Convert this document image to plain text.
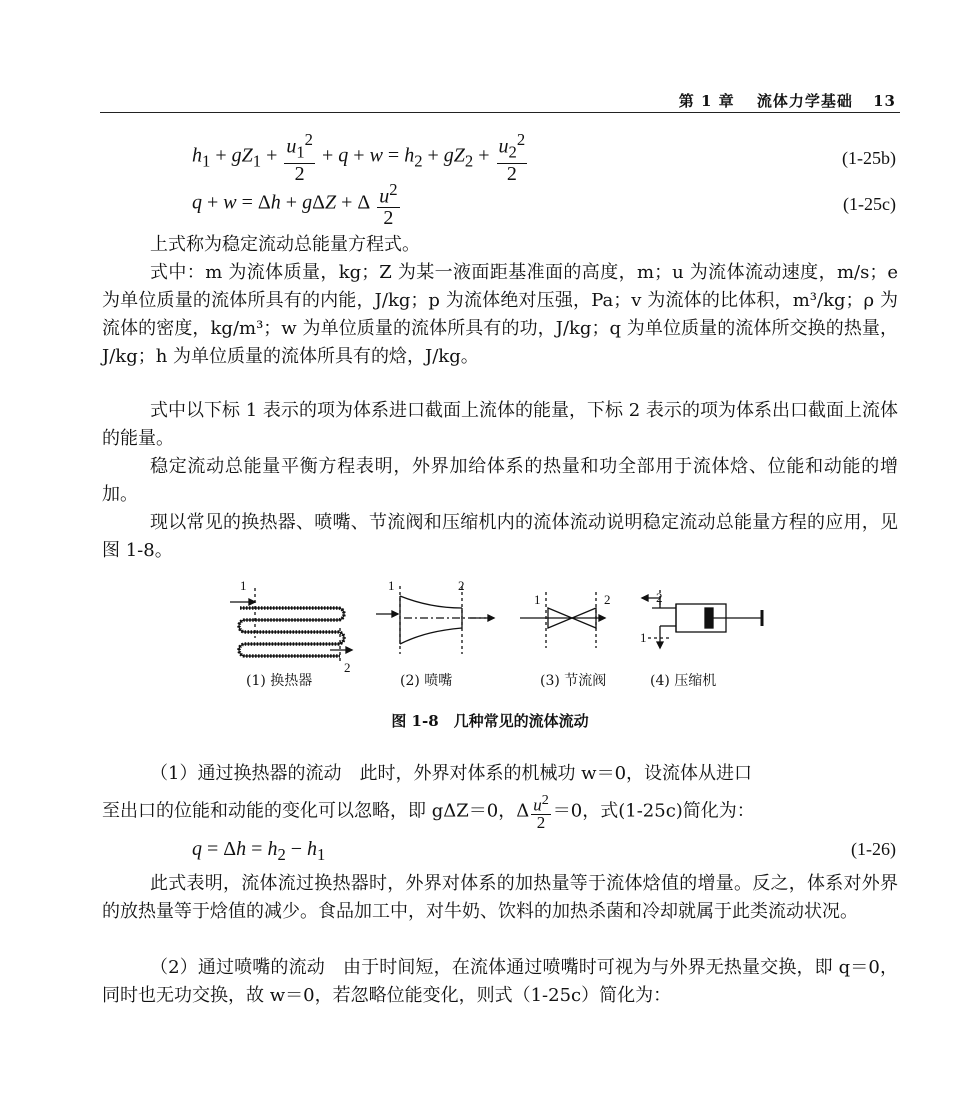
第 1 章 流体力学基础 13
$h_1 + gZ_1 + \frac{u_1^2}{2} + q + w = h_2 + gZ_2 + \frac{u_2^2}{2}$	(1-25b)
q + w = Δh + gΔZ + Δ $\frac{u^2}{2}$	(1-25c)
上式称为稳定流动总能量方程式。
式中：m 为流体质量，kg；Z 为某一液面距基准面的高度，m；u 为流体流动速度，m/s；e 为单位质量的流体所具有的内能，J/kg；p 为流体绝对压强，Pa；v 为流体的比体积，m³/kg；ρ 为流体的密度，kg/m³；w 为单位质量的流体所具有的功，J/kg；q 为单位质量的流体所交换的热量，J/kg；h 为单位质量的流体所具有的焓，J/kg。
式中以下标 1 表示的项为体系进口截面上流体的能量，下标 2 表示的项为体系出口截面上流体的能量。
稳定流动总能量平衡方程表明，外界加给体系的热量和功全部用于流体焓、位能和动能的增加。
现以常见的换热器、喷嘴、节流阀和压缩机内的流体流动说明稳定流动总能量方程的应用，见图 1-8。
1
2
1	2
1	2	2
1
(1) 换热器	(2) 喷嘴	(3) 节流阀	(4) 压缩机
图 1-8　几种常见的流体流动
（1）通过换热器的流动　此时，外界对体系的机械功 w＝0，设流体从进口
至出口的位能和动能的变化可以忽略，即 gΔZ＝0，Δ $\frac{u^2}{2} =0$，式(1-25c)简化为：
$q = \Delta h = h_2 - h_1$	(1-26)
此式表明，流体流过换热器时，外界对体系的加热量等于流体焓值的增量。反之，体系对外界的放热量等于焓值的减少。食品加工中，对牛奶、饮料的加热杀菌和冷却就属于此类流动状况。
（2）通过喷嘴的流动　由于时间短，在流体通过喷嘴时可视为与外界无热量交换，即 q＝0，同时也无功交换，故 w＝0，若忽略位能变化，则式（1-25c）简化为：
